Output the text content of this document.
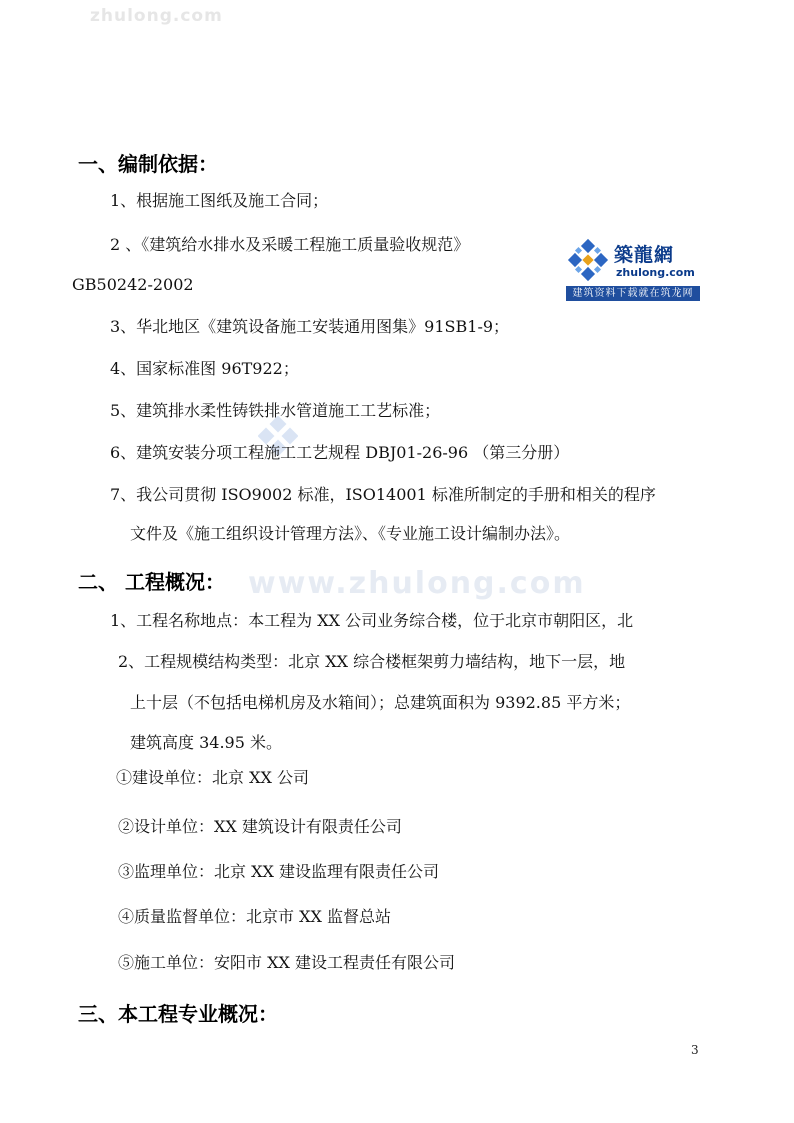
zhulong.com
www.zhulong.com
築龍網
zhulong.com
建筑资料下载就在筑龙网
一、编制依据：
1、根据施工图纸及施工合同；
2 、《建筑给水排水及采暖工程施工质量验收规范》
GB50242-2002
3、华北地区《建筑设备施工安装通用图集》91SB1-9；
4、国家标准图 96T922；
5、建筑排水柔性铸铁排水管道施工工艺标准；
6、建筑安装分项工程施工工艺规程 DBJ01-26-96 （第三分册）
7、我公司贯彻 ISO9002 标准，ISO14001 标准所制定的手册和相关的程序
文件及《施工组织设计管理方法》、《专业施工设计编制办法》。
二、 工程概况：
1、工程名称地点：本工程为 XX 公司业务综合楼，位于北京市朝阳区，北
2、工程规模结构类型：北京 XX 综合楼框架剪力墙结构，地下一层，地
上十层（不包括电梯机房及水箱间）；总建筑面积为 9392.85 平方米；
建筑高度 34.95 米。
①建设单位：北京 XX 公司
②设计单位：XX 建筑设计有限责任公司
③监理单位：北京 XX 建设监理有限责任公司
④质量监督单位：北京市 XX 监督总站
⑤施工单位：安阳市 XX 建设工程责任有限公司
三、本工程专业概况：
3
